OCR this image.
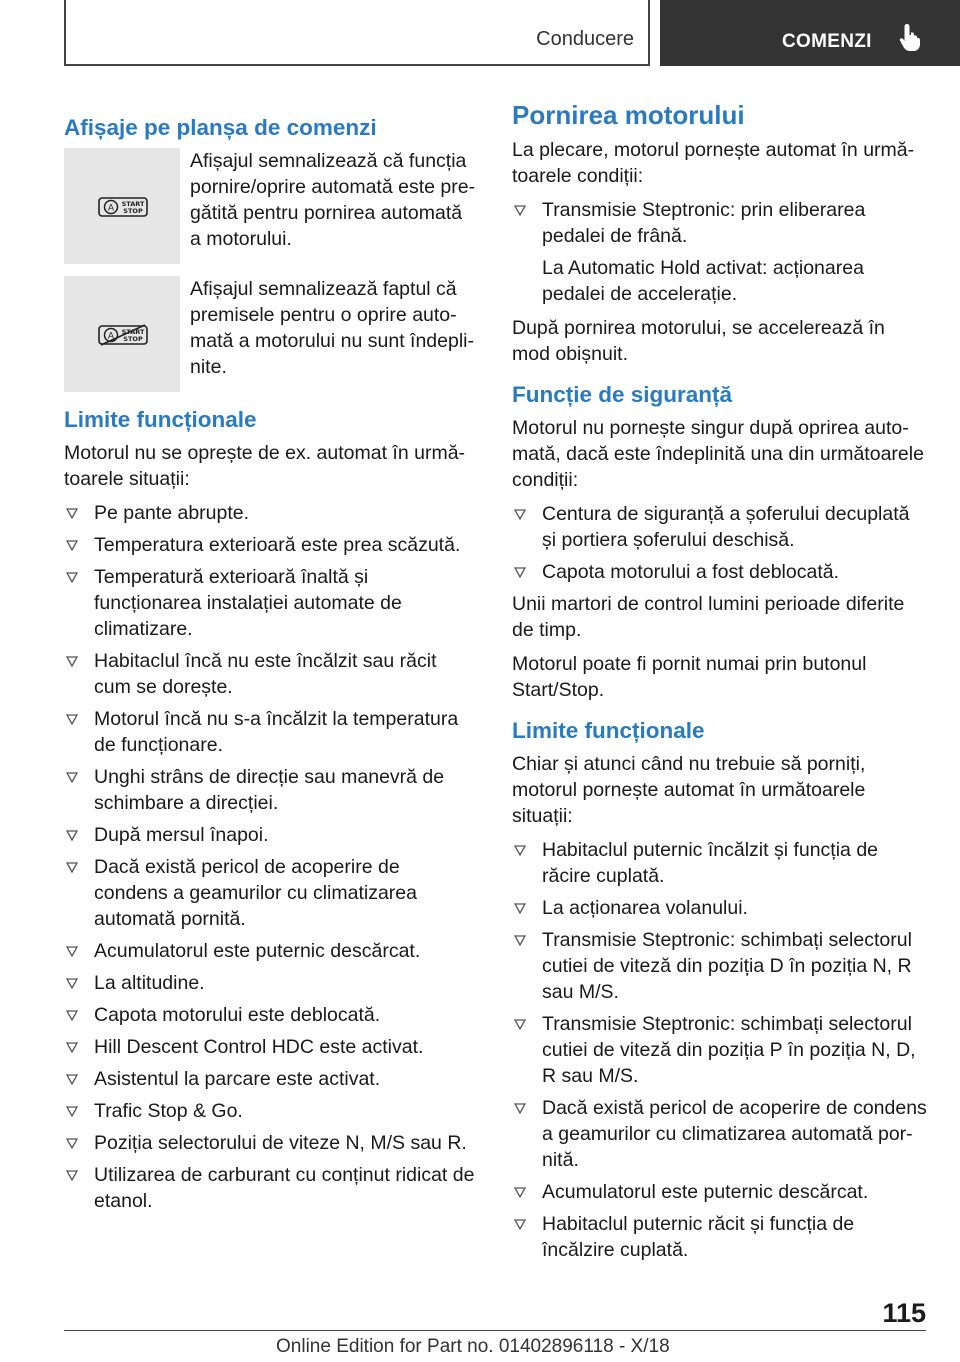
Conducere	COMENZI
Afișaje pe planșa de comenzi
A START
STOP

Afișajul semnalizează că funcția pornire/oprire automată este pregătită pentru pornirea automată a motorului.

A START
STOP

Afișajul semnalizează faptul că premisele pentru o oprire automată a motorului nu sunt îndeplinite.

Limite funcționale

Motorul nu se oprește de ex. automat în următoarele situații:

Pe pante abrupte.
Temperatura exterioară este prea scăzută.
Temperatură exterioară înaltă și funcționarea instalației automate de climatizare.
Habitaclul încă nu este încălzit sau răcit cum se dorește.
Motorul încă nu s-a încălzit la temperatura de funcționare.
Unghi strâns de direcție sau manevră de schimbare a direcției.
După mersul înapoi.
Dacă există pericol de acoperire de condens a geamurilor cu climatizarea automată pornită.
Acumulatorul este puternic descărcat.
La altitudine.
Capota motorului este deblocată.
Hill Descent Control HDC este activat.
Asistentul la parcare este activat.
Trafic Stop & Go.
Poziția selectorului de viteze N, M/S sau R.
Utilizarea de carburant cu conținut ridicat de etanol.
Pornirea motorului

La plecare, motorul pornește automat în următoarele condiții:

Transmisie Steptronic: prin eliberarea pedalei de frână.

La Automatic Hold activat: acționarea pedalei de accelerație.

După pornirea motorului, se accelerează în mod obișnuit.

Funcție de siguranță

Motorul nu pornește singur după oprirea automată, dacă este îndeplinită una din următoarele condiții:

Centura de siguranță a șoferului decuplată și portiera șoferului deschisă.
Capota motorului a fost deblocată.

Unii martori de control lumini perioade diferite de timp.

Motorul poate fi pornit numai prin butonul Start/Stop.

Limite funcționale

Chiar și atunci când nu trebuie să porniți, motorul pornește automat în următoarele situații:

Habitaclul puternic încălzit și funcția de răcire cuplată.
La acționarea volanului.
Transmisie Steptronic: schimbați selectorul cutiei de viteză din poziția D în poziția N, R sau M/S.
Transmisie Steptronic: schimbați selectorul cutiei de viteză din poziția P în poziția N, D, R sau M/S.
Dacă există pericol de acoperire de condens a geamurilor cu climatizarea automată pornită.
Acumulatorul este puternic descărcat.
Habitaclul puternic răcit și funcția de încălzire cuplată.
115
Online Edition for Part no. 01402896118 - X/18
